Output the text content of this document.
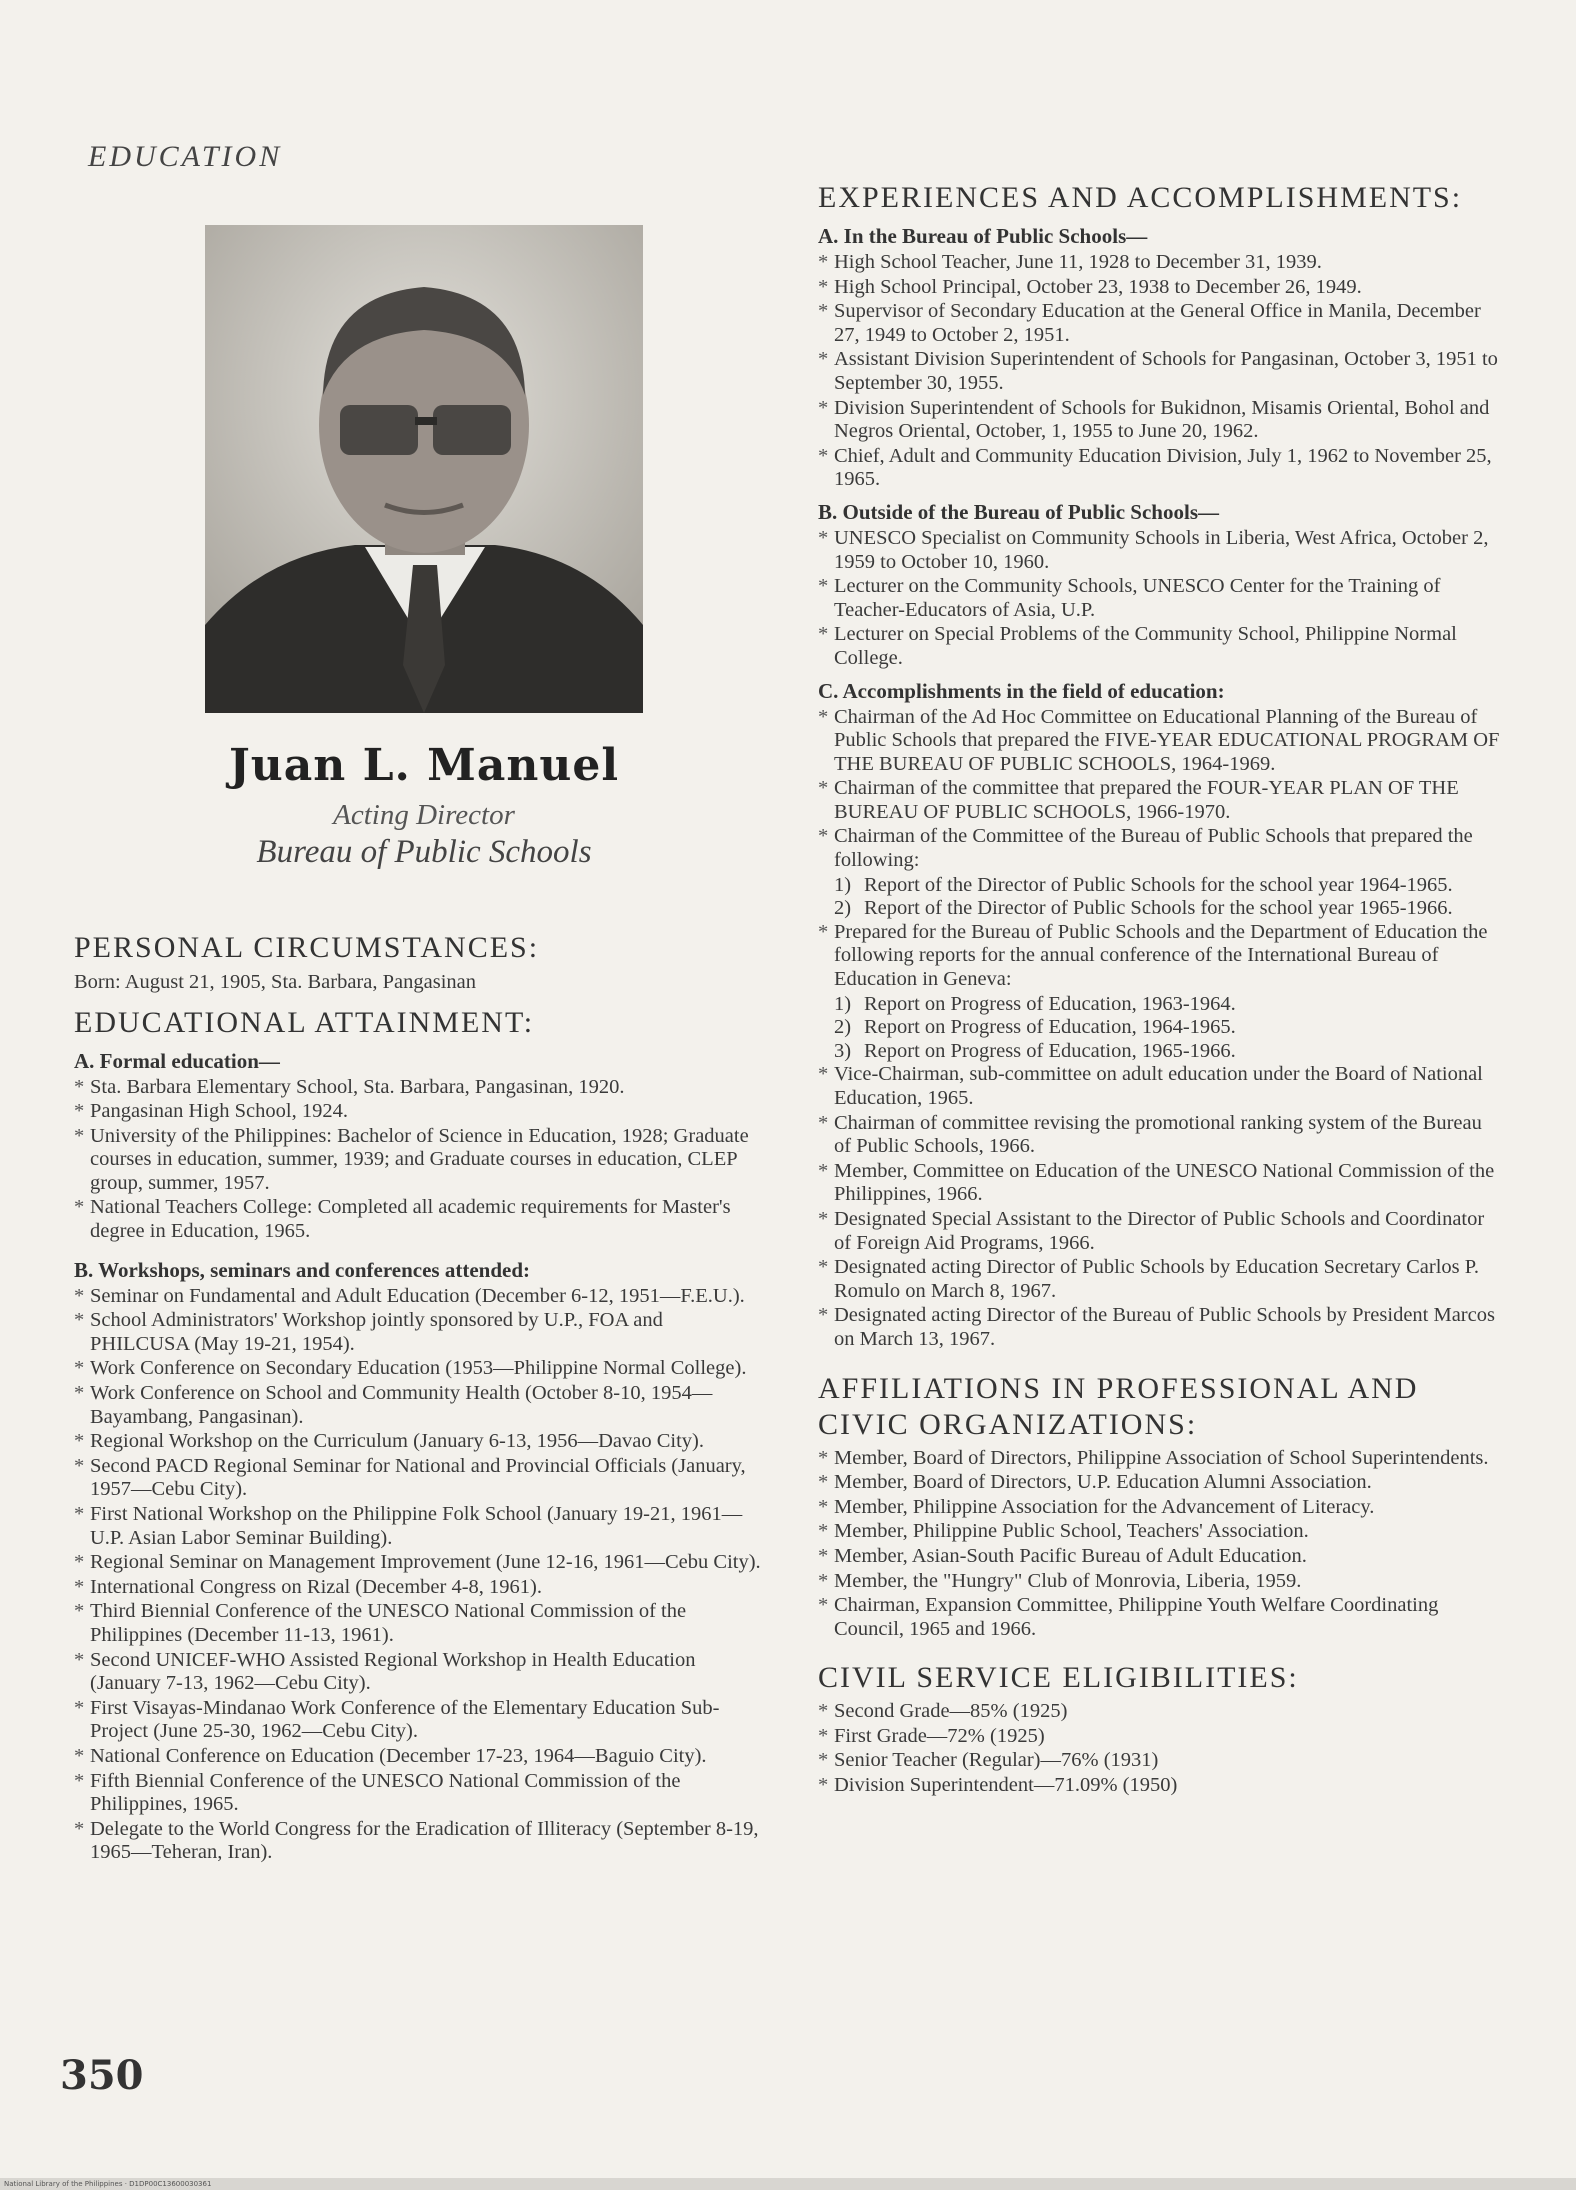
EDUCATION
Juan L. Manuel
Acting Director
Bureau of Public Schools
PERSONAL CIRCUMSTANCES:
Born: August 21, 1905, Sta. Barbara, Pangasinan
EDUCATIONAL ATTAINMENT:
A. Formal education—
* Sta. Barbara Elementary School, Sta. Barbara, Pangasinan, 1920.
* Pangasinan High School, 1924.
* University of the Philippines: Bachelor of Science in Education, 1928; Graduate courses in education, summer, 1939; and Graduate courses in education, CLEP group, summer, 1957.
* National Teachers College: Completed all academic requirements for Master's degree in Education, 1965.
B. Workshops, seminars and conferences attended:
* Seminar on Fundamental and Adult Education (December 6-12, 1951—F.E.U.).
* School Administrators' Workshop jointly sponsored by U.P., FOA and PHILCUSA (May 19-21, 1954).
* Work Conference on Secondary Education (1953—Philippine Normal College).
* Work Conference on School and Community Health (October 8-10, 1954—Bayambang, Pangasinan).
* Regional Workshop on the Curriculum (January 6-13, 1956—Davao City).
* Second PACD Regional Seminar for National and Provincial Officials (January, 1957—Cebu City).
* First National Workshop on the Philippine Folk School (January 19-21, 1961—U.P. Asian Labor Seminar Building).
* Regional Seminar on Management Improvement (June 12-16, 1961—Cebu City).
* International Congress on Rizal (December 4-8, 1961).
* Third Biennial Conference of the UNESCO National Commission of the Philippines (December 11-13, 1961).
* Second UNICEF-WHO Assisted Regional Workshop in Health Education (January 7-13, 1962—Cebu City).
* First Visayas-Mindanao Work Conference of the Elementary Education Sub-Project (June 25-30, 1962—Cebu City).
* National Conference on Education (December 17-23, 1964—Baguio City).
* Fifth Biennial Conference of the UNESCO National Commission of the Philippines, 1965.
* Delegate to the World Congress for the Eradication of Illiteracy (September 8-19, 1965—Teheran, Iran).
EXPERIENCES AND ACCOMPLISHMENTS:
A. In the Bureau of Public Schools—
* High School Teacher, June 11, 1928 to December 31, 1939.
* High School Principal, October 23, 1938 to December 26, 1949.
* Supervisor of Secondary Education at the General Office in Manila, December 27, 1949 to October 2, 1951.
* Assistant Division Superintendent of Schools for Pangasinan, October 3, 1951 to September 30, 1955.
* Division Superintendent of Schools for Bukidnon, Misamis Oriental, Bohol and Negros Oriental, October, 1, 1955 to June 20, 1962.
* Chief, Adult and Community Education Division, July 1, 1962 to November 25, 1965.
B. Outside of the Bureau of Public Schools—
* UNESCO Specialist on Community Schools in Liberia, West Africa, October 2, 1959 to October 10, 1960.
* Lecturer on the Community Schools, UNESCO Center for the Training of Teacher-Educators of Asia, U.P.
* Lecturer on Special Problems of the Community School, Philippine Normal College.
C. Accomplishments in the field of education:
* Chairman of the Ad Hoc Committee on Educational Planning of the Bureau of Public Schools that prepared the FIVE-YEAR EDUCATIONAL PROGRAM OF THE BUREAU OF PUBLIC SCHOOLS, 1964-1969.
* Chairman of the committee that prepared the FOUR-YEAR PLAN OF THE BUREAU OF PUBLIC SCHOOLS, 1966-1970.
* Chairman of the Committee of the Bureau of Public Schools that prepared the following:
1) Report of the Director of Public Schools for the school year 1964-1965.
2) Report of the Director of Public Schools for the school year 1965-1966.
* Prepared for the Bureau of Public Schools and the Department of Education the following reports for the annual conference of the International Bureau of Education in Geneva:
1) Report on Progress of Education, 1963-1964.
2) Report on Progress of Education, 1964-1965.
3) Report on Progress of Education, 1965-1966.
* Vice-Chairman, sub-committee on adult education under the Board of National Education, 1965.
* Chairman of committee revising the promotional ranking system of the Bureau of Public Schools, 1966.
* Member, Committee on Education of the UNESCO National Commission of the Philippines, 1966.
* Designated Special Assistant to the Director of Public Schools and Coordinator of Foreign Aid Programs, 1966.
* Designated acting Director of Public Schools by Education Secretary Carlos P. Romulo on March 8, 1967.
* Designated acting Director of the Bureau of Public Schools by President Marcos on March 13, 1967.
AFFILIATIONS IN PROFESSIONAL AND
CIVIC ORGANIZATIONS:
* Member, Board of Directors, Philippine Association of School Superintendents.
* Member, Board of Directors, U.P. Education Alumni Association.
* Member, Philippine Association for the Advancement of Literacy.
* Member, Philippine Public School, Teachers' Association.
* Member, Asian-South Pacific Bureau of Adult Education.
* Member, the "Hungry" Club of Monrovia, Liberia, 1959.
* Chairman, Expansion Committee, Philippine Youth Welfare Coordinating Council, 1965 and 1966.
CIVIL SERVICE ELIGIBILITIES:
* Second Grade—85% (1925)
* First Grade—72% (1925)
* Senior Teacher (Regular)—76% (1931)
* Division Superintendent—71.09% (1950)
350
National Library of the Philippines · D1DP00C13600030361
